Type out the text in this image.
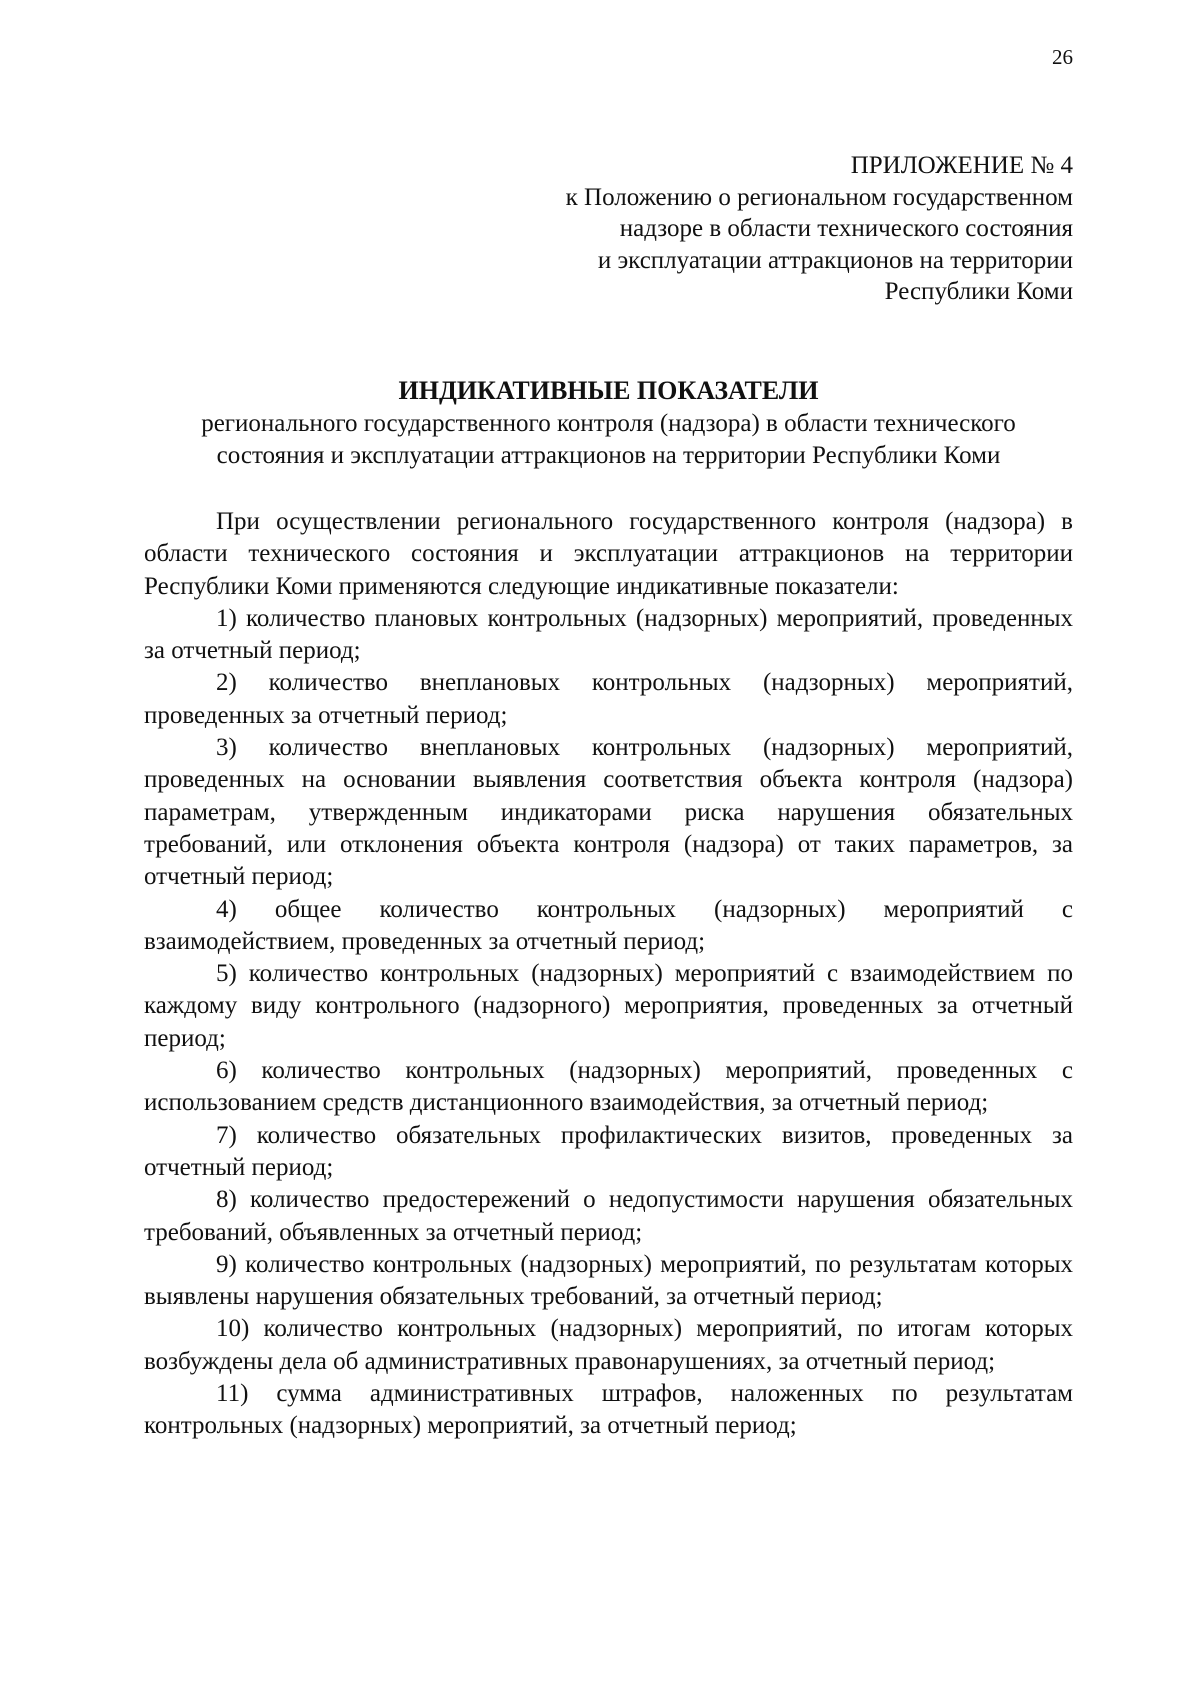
26
ПРИЛОЖЕНИЕ № 4
к Положению о региональном государственном
надзоре в области технического состояния
и эксплуатации аттракционов на территории
Республики Коми
ИНДИКАТИВНЫЕ ПОКАЗАТЕЛИ
регионального государственного контроля (надзора) в области технического
состояния и эксплуатации аттракционов на территории Республики Коми

При осуществлении регионального государственного контроля (надзора) в области технического состояния и эксплуатации аттракционов на территории Республики Коми применяются следующие индикативные показатели:

1) количество плановых контрольных (надзорных) мероприятий, проведенных за отчетный период;

2) количество внеплановых контрольных (надзорных) мероприятий, проведенных за отчетный период;

3) количество внеплановых контрольных (надзорных) мероприятий, проведенных на основании выявления соответствия объекта контроля (надзора) параметрам, утвержденным индикаторами риска нарушения обязательных требований, или отклонения объекта контроля (надзора) от таких параметров, за отчетный период;

4) общее количество контрольных (надзорных) мероприятий с взаимодействием, проведенных за отчетный период;

5) количество контрольных (надзорных) мероприятий с взаимодействием по каждому виду контрольного (надзорного) мероприятия, проведенных за отчетный период;

6) количество контрольных (надзорных) мероприятий, проведенных с использованием средств дистанционного взаимодействия, за отчетный период;

7) количество обязательных профилактических визитов, проведенных за отчетный период;

8) количество предостережений о недопустимости нарушения обязательных требований, объявленных за отчетный период;

9) количество контрольных (надзорных) мероприятий, по результатам которых выявлены нарушения обязательных требований, за отчетный период;

10) количество контрольных (надзорных) мероприятий, по итогам которых возбуждены дела об административных правонарушениях, за отчетный период;

11) сумма административных штрафов, наложенных по результатам контрольных (надзорных) мероприятий, за отчетный период;
